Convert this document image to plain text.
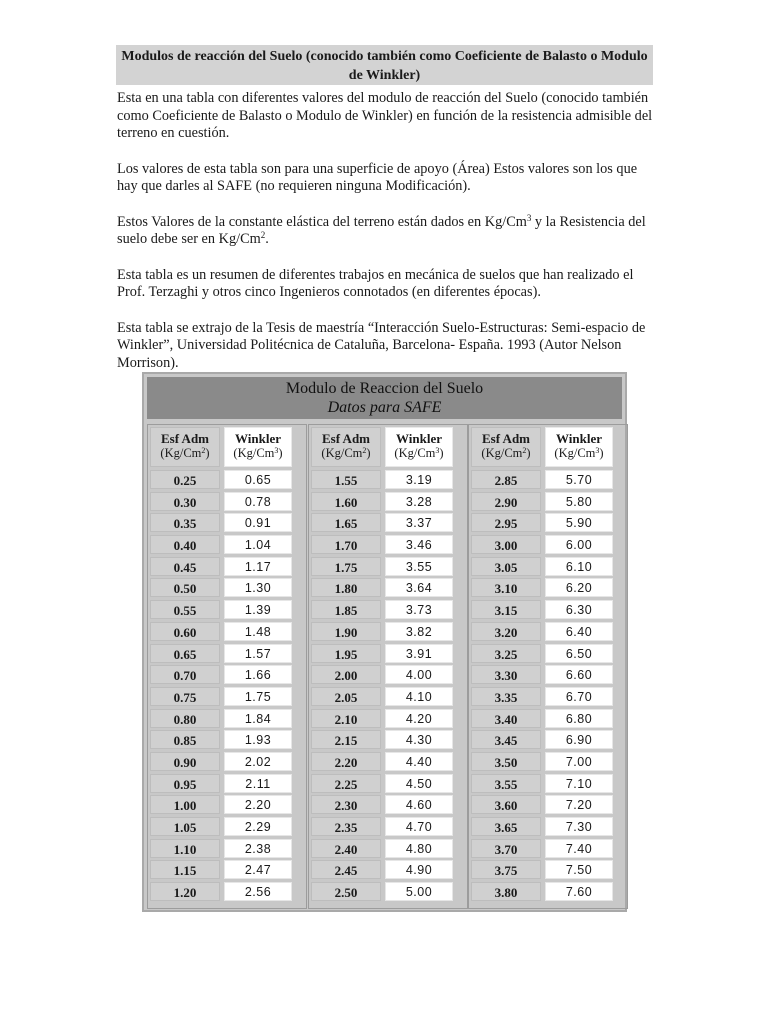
Modulos de reacción del Suelo (conocido también como Coeficiente de Balasto o Modulo de Winkler)

Esta en una tabla con diferentes valores del modulo de reacción del Suelo (conocido también como Coeficiente de Balasto o Modulo de Winkler) en función de la resistencia admisible del terreno en cuestión.

Los valores de esta tabla son para una superficie de apoyo (Área) Estos valores son los que hay que darles al SAFE (no requieren ninguna Modificación).

Estos Valores de la constante elástica del terreno están dados en Kg/Cm$^3$ y la Resistencia del suelo debe ser en Kg/Cm$^2$.

Esta tabla es un resumen de diferentes trabajos en mecánica de suelos que han realizado el Prof. Terzaghi y otros cinco Ingenieros connotados (en diferentes épocas).

Esta tabla se extrajo de la Tesis de maestría “Interacción Suelo-Estructuras: Semi-espacio de Winkler”, Universidad Politécnica de Cataluña, Barcelona- España. 1993 (Autor Nelson Morrison).

Modulo de Reaccion del Suelo
Datos para SAFE
Esf Adm
(Kg/Cm$^2$)
Winkler
(Kg/Cm$^3$)
0.25	0.65
0.30	0.78
0.35	0.91
0.40	1.04
0.45	1.17
0.50	1.30
0.55	1.39
0.60	1.48
0.65	1.57
0.70	1.66
0.75	1.75
0.80	1.84
0.85	1.93
0.90	2.02
0.95	2.11
1.00	2.20
1.05	2.29
1.10	2.38
1.15	2.47
1.20	2.56
Esf Adm
(Kg/Cm$^2$)
Winkler
(Kg/Cm$^3$)
1.55	3.19
1.60	3.28
1.65	3.37
1.70	3.46
1.75	3.55
1.80	3.64
1.85	3.73
1.90	3.82
1.95	3.91
2.00	4.00
2.05	4.10
2.10	4.20
2.15	4.30
2.20	4.40
2.25	4.50
2.30	4.60
2.35	4.70
2.40	4.80
2.45	4.90
2.50	5.00
Esf Adm
(Kg/Cm$^2$)
Winkler
(Kg/Cm$^3$)
2.85	5.70
2.90	5.80
2.95	5.90
3.00	6.00
3.05	6.10
3.10	6.20
3.15	6.30
3.20	6.40
3.25	6.50
3.30	6.60
3.35	6.70
3.40	6.80
3.45	6.90
3.50	7.00
3.55	7.10
3.60	7.20
3.65	7.30
3.70	7.40
3.75	7.50
3.80	7.60
